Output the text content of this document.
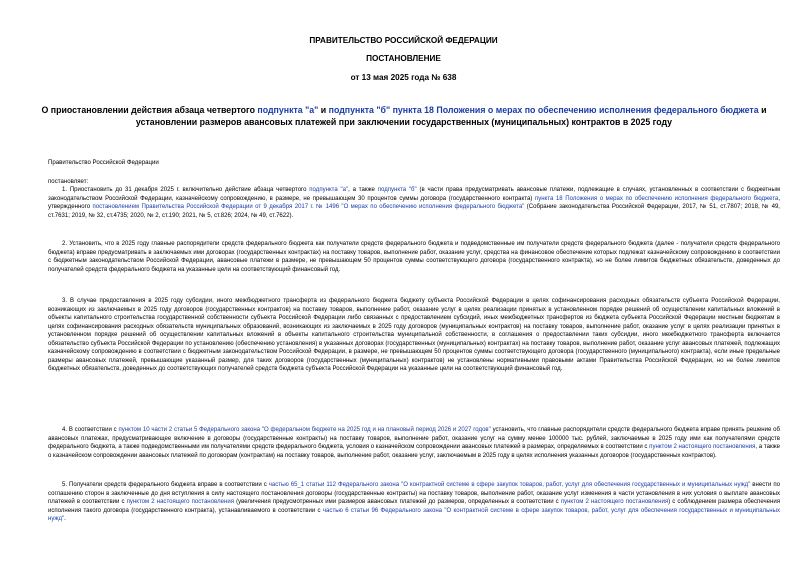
ПРАВИТЕЛЬСТВО РОССИЙСКОЙ ФЕДЕРАЦИИ
ПОСТАНОВЛЕНИЕ
от 13 мая 2025 года № 638
О приостановлении действия абзаца четвертого подпункта "а" и подпункта "б" пункта 18 Положения о мерах по обеспечению исполнения федерального бюджета и установлении размеров авансовых платежей при заключении государственных (муниципальных) контрактов в 2025 году
Правительство Российской Федерации
постановляет:
1. Приостановить до 31 декабря 2025 г. включительно действие абзаца четвертого подпункта "а", а также подпункта "б" (в части права предусматривать авансовые платежи, подлежащие в случаях, установленных в соответствии с бюджетным законодательством Российской Федерации, казначейскому сопровождению, в размере, не превышающем 30 процентов суммы договора (государственного контракта) пункта 18 Положения о мерах по обеспечению исполнения федерального бюджета, утвержденного постановлением Правительства Российской Федерации от 9 декабря 2017 г. № 1496 "О мерах по обеспечению исполнения федерального бюджета" (Собрание законодательства Российской Федерации, 2017, № 51, ст.7807; 2018, № 49, ст.7631; 2019, № 32, ст.4735; 2020, № 2, ст.190; 2021, № 5, ст.826; 2024, № 49, ст.7622).
2. Установить, что в 2025 году главные распорядители средств федерального бюджета как получатели средств федерального бюджета и подведомственные им получатели средств федерального бюджета (далее - получатели средств федерального бюджета) вправе предусматривать в заключаемых ими договорах (государственных контрактах) на поставку товаров, выполнение работ, оказание услуг, средства на финансовое обеспечение которых подлежат казначейскому сопровождению в соответствии с бюджетным законодательством Российской Федерации, авансовые платежи в размере, не превышающем 50 процентов суммы соответствующего договора (государственного контракта), но не более лимитов бюджетных обязательств, доведенных до получателей средств федерального бюджета на указанные цели на соответствующий финансовый год.
3. В случае предоставления в 2025 году субсидии, иного межбюджетного трансферта из федерального бюджета бюджету субъекта Российской Федерации в целях софинансирования расходных обязательств субъекта Российской Федерации, возникающих из заключаемых в 2025 году договоров (государственных контрактов) на поставку товаров, выполнение работ, оказание услуг в целях реализации принятых в установленном порядке решений об осуществлении капитальных вложений в объекты капитального строительства государственной собственности субъекта Российской Федерации либо связанных с предоставлением субсидий, иных межбюджетных трансфертов из бюджета субъекта Российской Федерации местным бюджетам в целях софинансирования расходных обязательств муниципальных образований, возникающих из заключаемых в 2025 году договоров (муниципальных контрактов) на поставку товаров, выполнение работ, оказание услуг в целях реализации принятых в установленном порядке решений об осуществлении капитальных вложений в объекты капитального строительства муниципальной собственности, в соглашения о предоставлении таких субсидии, иного межбюджетного трансферта включается обязательство субъекта Российской Федерации по установлению (обеспечению установления) в указанных договорах (государственных (муниципальных) контрактах) на поставку товаров, выполнение работ, оказание услуг авансовых платежей, подлежащих казначейскому сопровождению в соответствии с бюджетным законодательством Российской Федерации, в размере, не превышающем 50 процентов суммы соответствующего договора (государственного (муниципального) контракта), если иные предельные размеры авансовых платежей, превышающие указанный размер, для таких договоров (государственных (муниципальных) контрактов) не установлены нормативными правовыми актами Правительства Российской Федерации, но не более лимитов бюджетных обязательств, доведенных до соответствующих получателей средств бюджета субъекта Российской Федерации на указанные цели на соответствующий финансовый год.
4. В соответствии с пунктом 10 части 2 статьи 5 Федерального закона "О федеральном бюджете на 2025 год и на плановый период 2026 и 2027 годов" установить, что главные распорядители средств федерального бюджета вправе принять решение об авансовых платежах, предусматривающее включение в договоры (государственные контракты) на поставку товаров, выполнение работ, оказание услуг на сумму менее 100000 тыс. рублей, заключаемые в 2025 году ими как получателями средств федерального бюджета, а также подведомственными им получателями средств федерального бюджета, условия о казначейском сопровождении авансовых платежей в размерах, определяемых в соответствии с пунктом 2 настоящего постановления, а также о казначейском сопровождении авансовых платежей по договорам (контрактам) на поставку товаров, выполнение работ, оказание услуг, заключаемым в 2025 году в целях исполнения указанных договоров (государственных контрактов).
5. Получатели средств федерального бюджета вправе в соответствии с частью 65_1 статьи 112 Федерального закона "О контрактной системе в сфере закупок товаров, работ, услуг для обеспечения государственных и муниципальных нужд" внести по соглашению сторон в заключенные до дня вступления в силу настоящего постановления договоры (государственные контракты) на поставку товаров, выполнение работ, оказание услуг изменения в части установления в них условия о выплате авансовых платежей в соответствии с пунктом 2 настоящего постановления (увеличения предусмотренных ими размеров авансовых платежей до размеров, определенных в соответствии с пунктом 2 настоящего постановления) с соблюдением размера обеспечения исполнения такого договора (государственного контракта), устанавливаемого в соответствии с частью 6 статьи 96 Федерального закона "О контрактной системе в сфере закупок товаров, работ, услуг для обеспечения государственных и муниципальных нужд".
